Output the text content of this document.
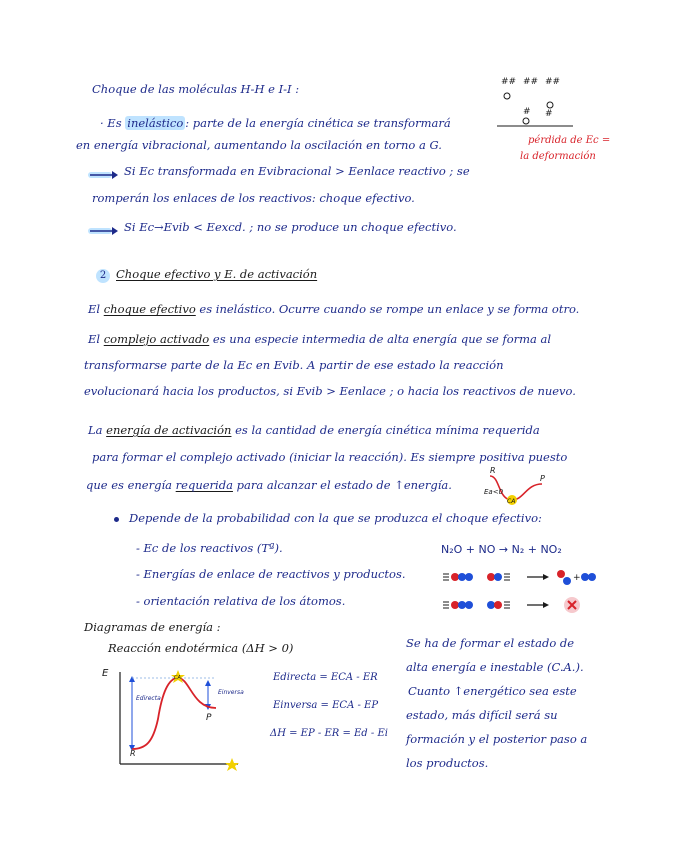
Choque de las moléculas H-H e I-I :
· Es inelástico : parte de la energía cinética se transformará
en energía vibracional, aumentando la oscilación en torno a G.
Si Ec transformada en Evibracional > Eenlace reactivo ; se
romperán los enlaces de los reactivos: choque efectivo.
Si Ec→Evib < Eexcd. ; no se produce un choque efectivo.
## ## ##
# #
pérdida de Ec =
la deformación
2 Choque efectivo y E. de activación
El choque efectivo es inelástico. Ocurre cuando se rompe un enlace y se forma otro.
El complejo activado es una especie intermedia de alta energía que se forma al
transformarse parte de la Ec en Evib. A partir de ese estado la reacción
evolucionará hacia los productos, si Evib > Eenlace ; o hacia los reactivos de nuevo.
La energía de activación es la cantidad de energía cinética mínima requerida
para formar el complejo activado (iniciar la reacción). Es siempre positiva puesto
que es energía requerida para alcanzar el estado de ↑energía.
R
P
Ea<0
CA
Depende de la probabilidad con la que se produzca el choque efectivo:
- Ec de los reactivos (Tª).
- Energías de enlace de reactivos y productos.
- orientación relativa de los átomos.
N₂O + NO → N₂ + NO₂
+
Diagramas de energía :
Reacción endotérmica (ΔH > 0)
E	CA
R
P
Edirecta
Einversa
Edirecta = ECA - ER
Einversa = ECA - EP
ΔH = EP - ER = Ed - Ei
Se ha de formar el estado de
alta energía e inestable (C.A.).
Cuanto ↑energético sea este
estado, más difícil será su
formación y el posterior paso a
los productos.
